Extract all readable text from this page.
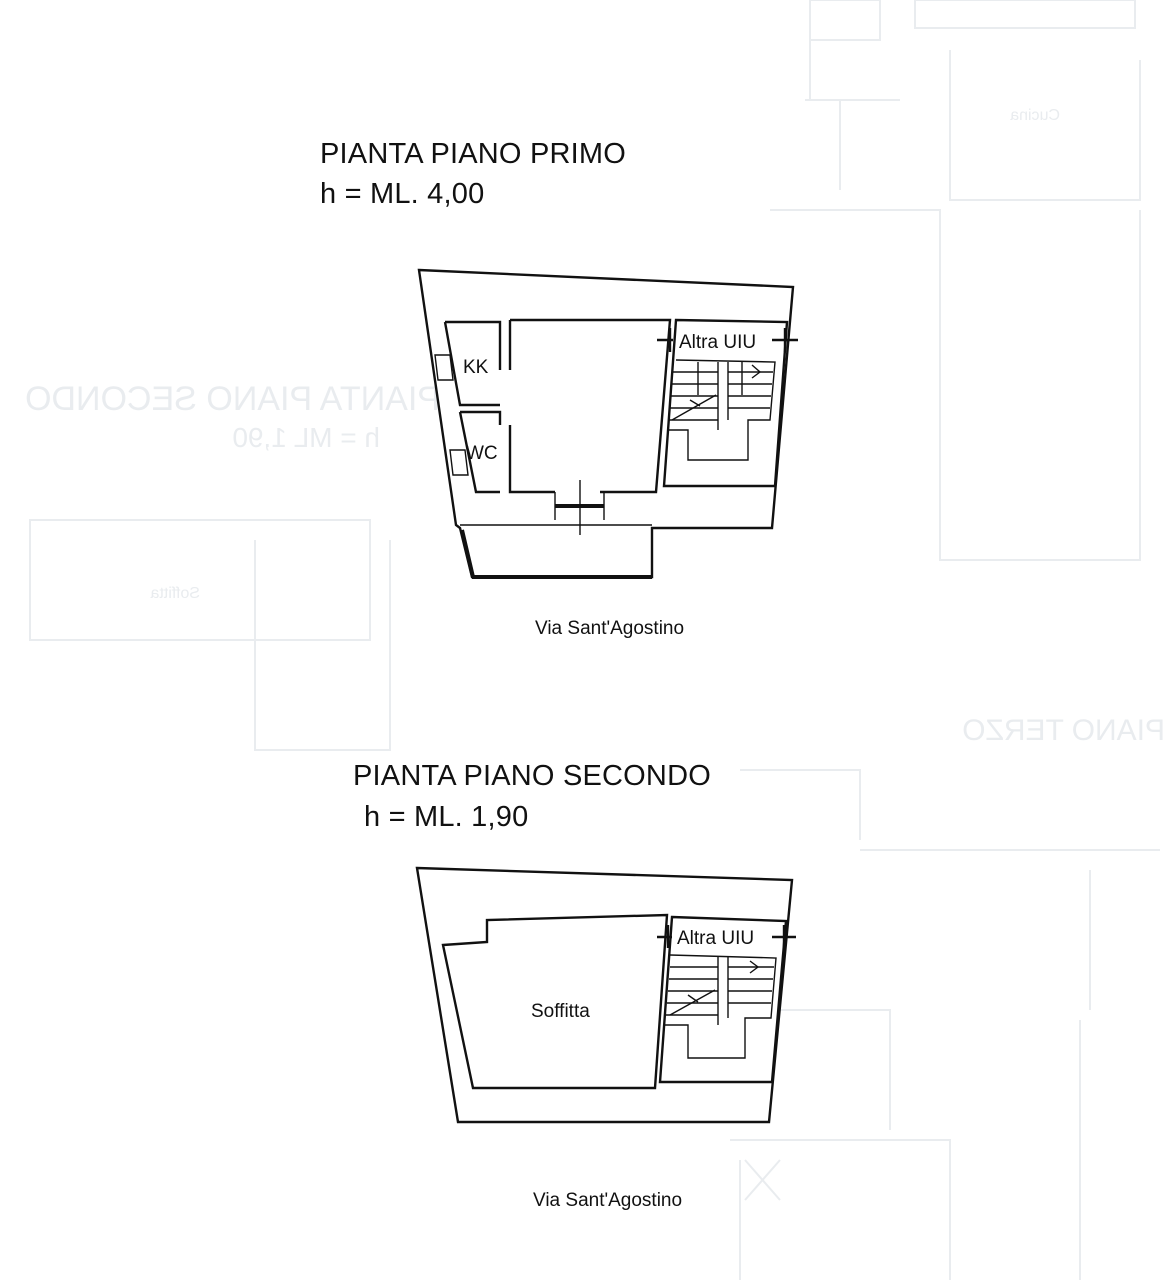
PIANTA PIANO SECONDO
h = ML 1,90
PIANO TERZO
Soffitta
Cucina

PIANTA PIANO PRIMO

h = ML. 4,00

KK
WC
Altra UIU
Via Sant'Agostino

PIANTA PIANO SECONDO

h = ML. 1,90

Soffitta
Altra UIU
Via Sant'Agostino
